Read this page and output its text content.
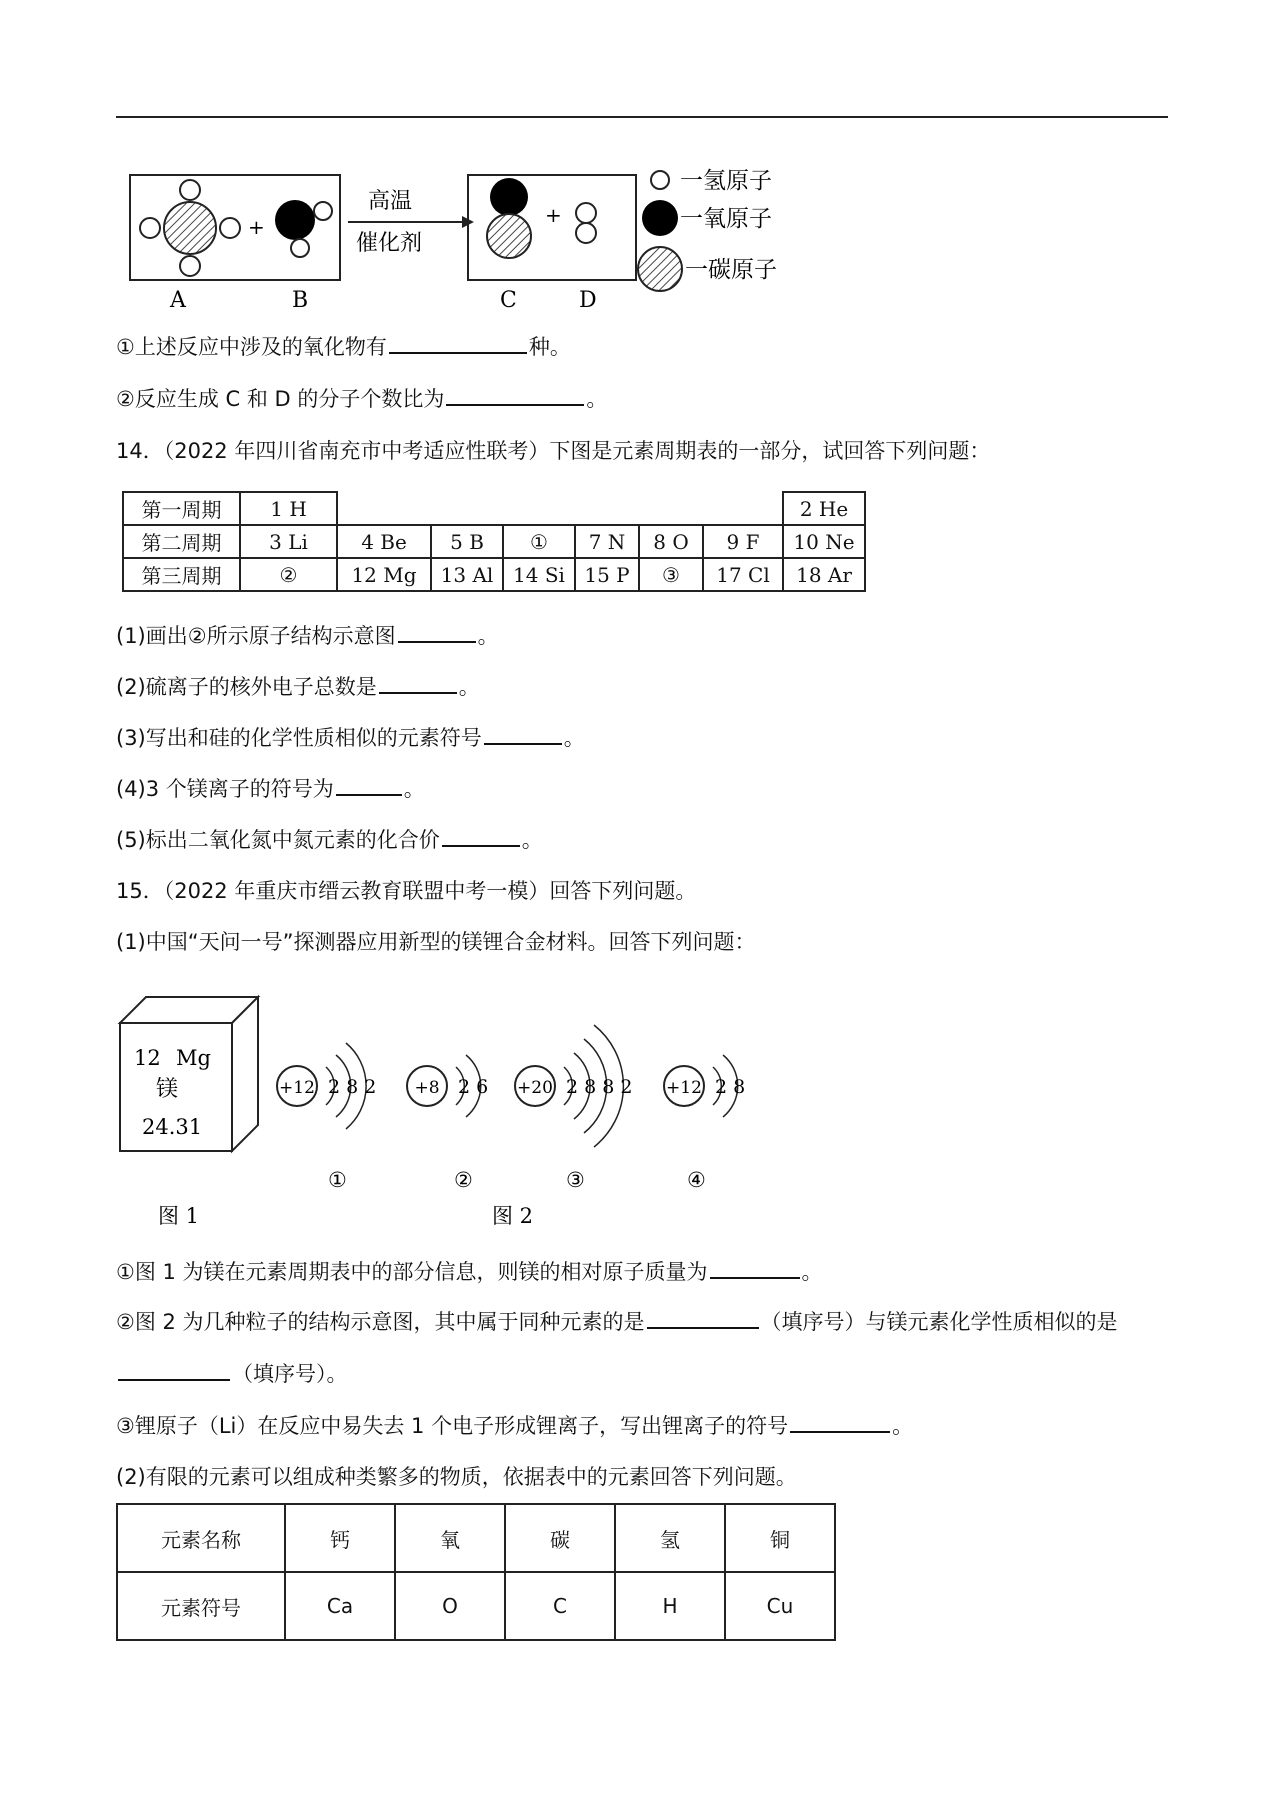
+
高温
催化剂
+
A	B	C	D
一氢原子
一氧原子
一碳原子
①上述反应中涉及的氧化物有	种。
②反应生成 C 和 D 的分子个数比为	。
14．（2022 年四川省南充市中考适应性联考）下图是元素周期表的一部分，试回答下列问题：
第一周期	1 H							2 He
第二周期	3 Li	4 Be	5 B	①	7 N	8 O	9 F	10 Ne
第三周期	②	12 Mg	13 Al	14 Si	15 P	③	17 Cl	18 Ar
(1)画出②所示原子结构示意图	。
(2)硫离子的核外电子总数是	。
(3)写出和硅的化学性质相似的元素符号	。
(4)3 个镁离子的符号为	。
(5)标出二氧化氮中氮元素的化合价	。
15．（2022 年重庆市缙云教育联盟中考一模）回答下列问题。
(1)中国“天问一号”探测器应用新型的镁锂合金材料。回答下列问题：
12 Mg
镁
24.31
+12 2 8 2 +8 2 6 +20 2 8 8 2 +12 2 8
①	②	③	④
图 1	图 2
①图 1 为镁在元素周期表中的部分信息，则镁的相对原子质量为	。
②图 2 为几种粒子的结构示意图，其中属于同种元素的是	（填序号）与镁元素化学性质相似的是（填序号）。
③锂原子（Li）在反应中易失去 1 个电子形成锂离子，写出锂离子的符号	。
(2)有限的元素可以组成种类繁多的物质，依据表中的元素回答下列问题。
元素名称	钙	氧	碳	氢	铜
元素符号	Ca	O	C	H	Cu
